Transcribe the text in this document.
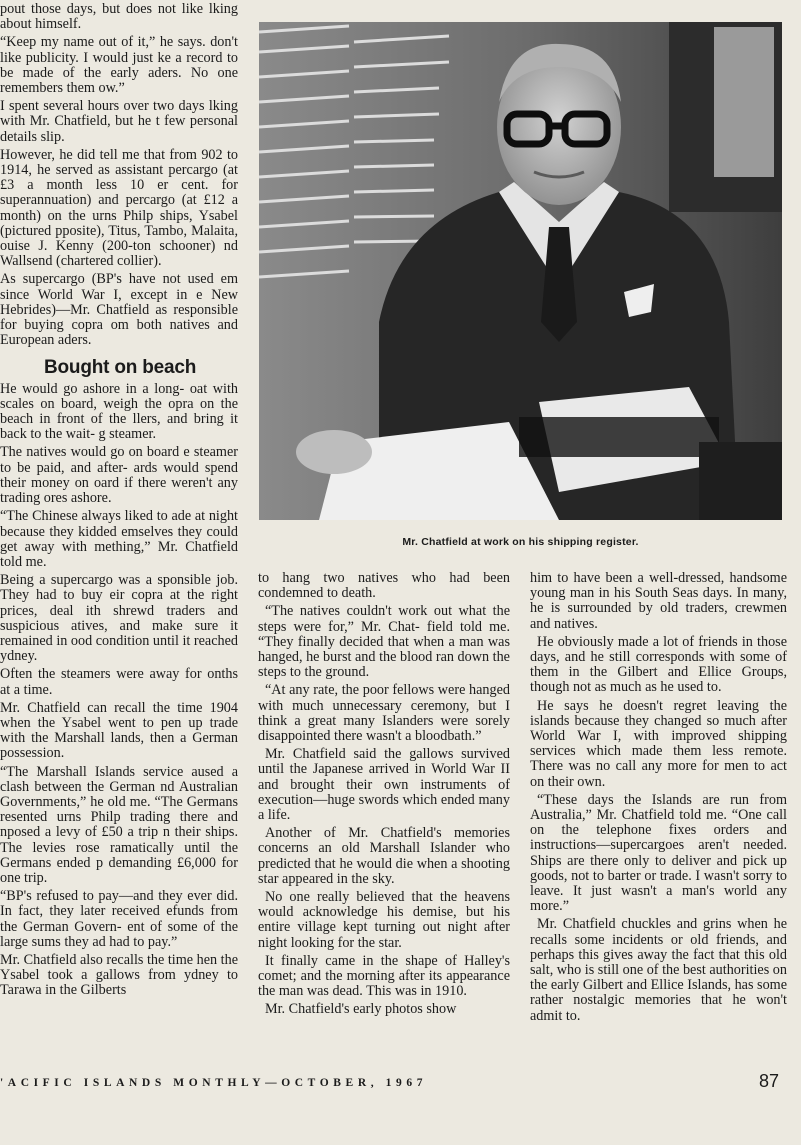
pout those days, but does not like lking about himself.

“Keep my name out of it,” he says. don't like publicity. I would just ke a record to be made of the early aders. No one remembers them ow.”

I spent several hours over two days lking with Mr. Chatfield, but he t few personal details slip.

However, he did tell me that from 902 to 1914, he served as assistant percargo (at £3 a month less 10 er cent. for superannuation) and percargo (at £12 a month) on the urns Philp ships, Ysabel (pictured pposite), Titus, Tambo, Malaita, ouise J. Kenny (200-ton schooner) nd Wallsend (chartered collier).

As supercargo (BP's have not used em since World War I, except in e New Hebrides)—Mr. Chatfield as responsible for buying copra om both natives and European aders.

Bought on beach

He would go ashore in a long- oat with scales on board, weigh the opra on the beach in front of the llers, and bring it back to the wait- g steamer.

The natives would go on board e steamer to be paid, and after- ards would spend their money on oard if there weren't any trading ores ashore.

“The Chinese always liked to ade at night because they kidded emselves they could get away with mething,” Mr. Chatfield told me.

Being a supercargo was a sponsible job. They had to buy eir copra at the right prices, deal ith shrewd traders and suspicious atives, and make sure it remained in ood condition until it reached ydney.

Often the steamers were away for onths at a time.

Mr. Chatfield can recall the time 1904 when the Ysabel went to pen up trade with the Marshall lands, then a German possession.

“The Marshall Islands service aused a clash between the German nd Australian Governments,” he old me. “The Germans resented urns Philp trading there and nposed a levy of £50 a trip n their ships. The levies rose ramatically until the Germans ended p demanding £6,000 for one trip.

“BP's refused to pay—and they ever did. In fact, they later received efunds from the German Govern- ent of some of the large sums they ad had to pay.”

Mr. Chatfield also recalls the time hen the Ysabel took a gallows from ydney to Tarawa in the Gilberts

Mr. Chatfield at work on his shipping register.

to hang two natives who had been condemned to death.

“The natives couldn't work out what the steps were for,” Mr. Chat- field told me. “They finally decided that when a man was hanged, he burst and the blood ran down the steps to the ground.

“At any rate, the poor fellows were hanged with much unnecessary ceremony, but I think a great many Islanders were sorely disappointed there wasn't a bloodbath.”

Mr. Chatfield said the gallows survived until the Japanese arrived in World War II and brought their own instruments of execution—huge swords which ended many a life.

Another of Mr. Chatfield's memories concerns an old Marshall Islander who predicted that he would die when a shooting star appeared in the sky.

No one really believed that the heavens would acknowledge his demise, but his entire village kept turning out night after night looking for the star.

It finally came in the shape of Halley's comet; and the morning after its appearance the man was dead. This was in 1910.

Mr. Chatfield's early photos show

him to have been a well-dressed, handsome young man in his South Seas days. In many, he is surrounded by old traders, crewmen and natives.

He obviously made a lot of friends in those days, and he still corresponds with some of them in the Gilbert and Ellice Groups, though not as much as he used to.

He says he doesn't regret leaving the islands because they changed so much after World War I, with improved shipping services which made them less remote. There was no call any more for men to act on their own.

“These days the Islands are run from Australia,” Mr. Chatfield told me. “One call on the telephone fixes orders and instructions—supercargoes aren't needed. Ships are there only to deliver and pick up goods, not to barter or trade. I wasn't sorry to leave. It just wasn't a man's world any more.”

Mr. Chatfield chuckles and grins when he recalls some incidents or old friends, and perhaps this gives away the fact that this old salt, who is still one of the best authorities on the early Gilbert and Ellice Islands, has some rather nostalgic memories that he won't admit to.

'ACIFIC ISLANDS MONTHLY—OCTOBER, 1967	87
